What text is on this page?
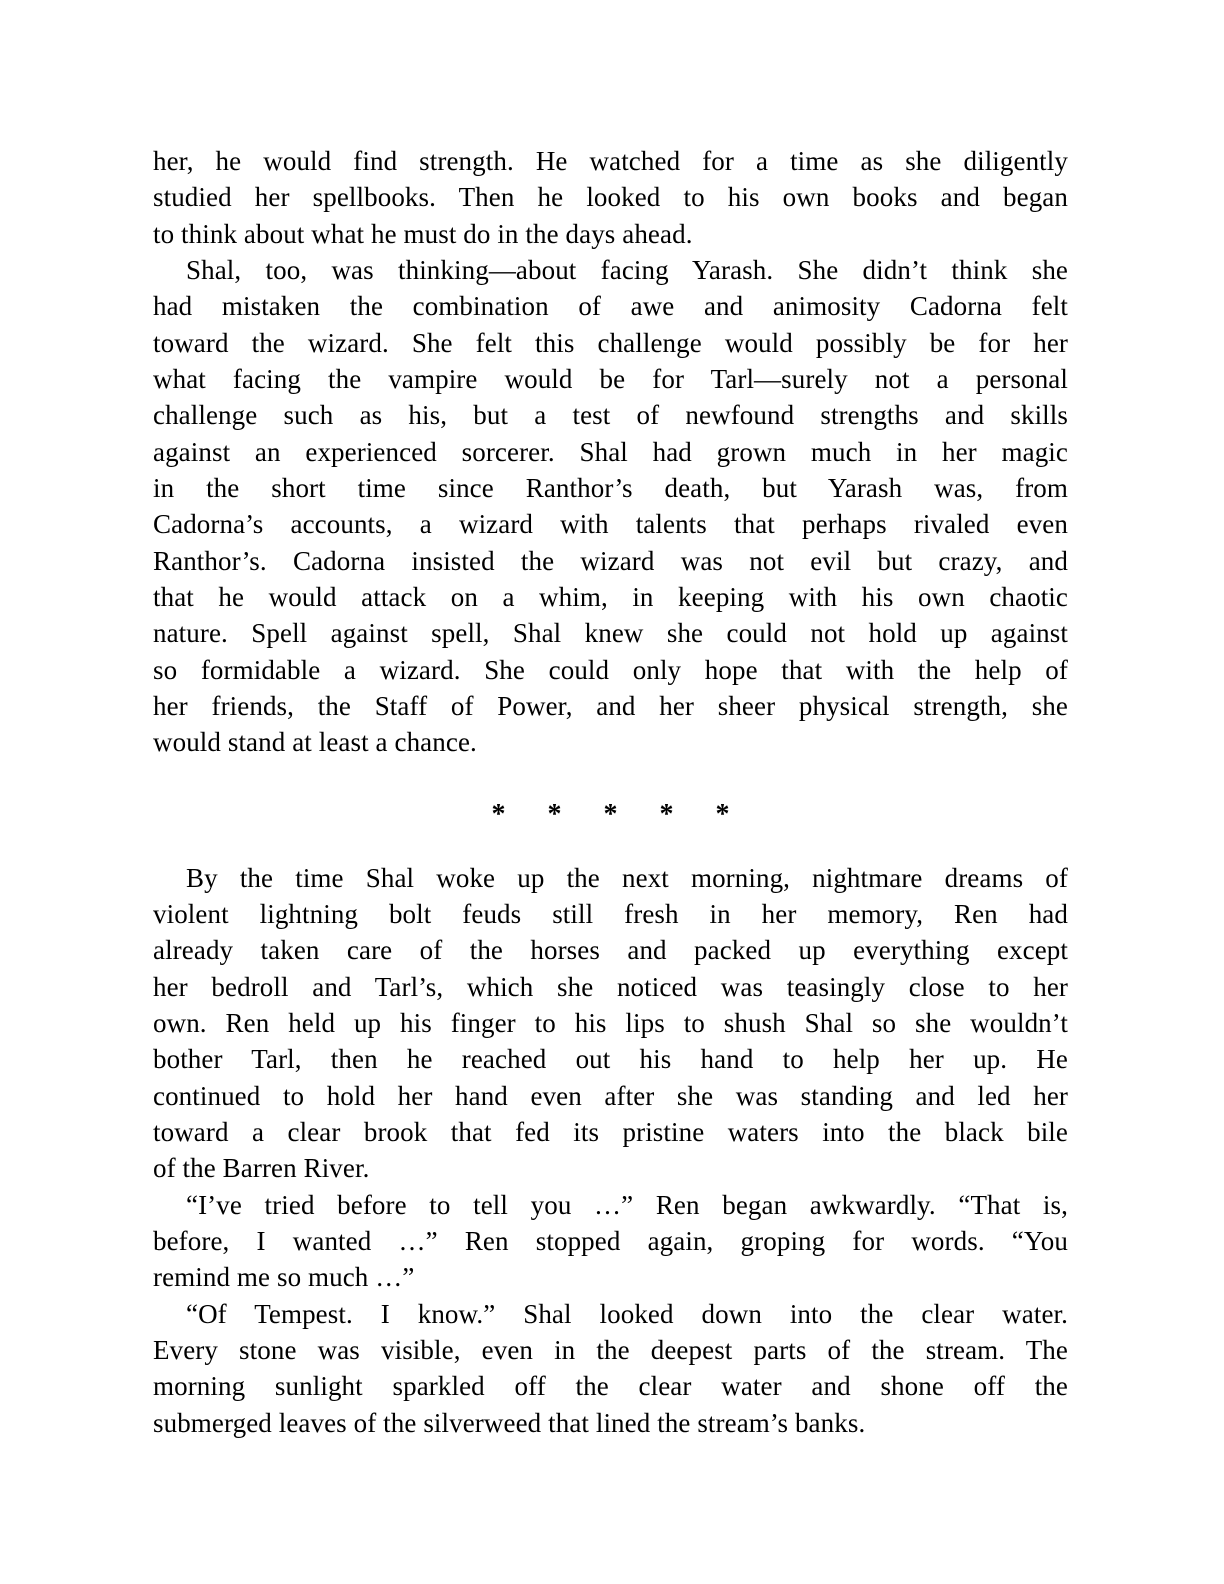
her, he would find strength. He watched for a time as she diligently
studied her spellbooks. Then he looked to his own books and began
to think about what he must do in the days ahead.
Shal, too, was thinking—about facing Yarash. She didn’t think she
had mistaken the combination of awe and animosity Cadorna felt
toward the wizard. She felt this challenge would possibly be for her
what facing the vampire would be for Tarl—surely not a personal
challenge such as his, but a test of newfound strengths and skills
against an experienced sorcerer. Shal had grown much in her magic
in the short time since Ranthor’s death, but Yarash was, from
Cadorna’s accounts, a wizard with talents that perhaps rivaled even
Ranthor’s. Cadorna insisted the wizard was not evil but crazy, and
that he would attack on a whim, in keeping with his own chaotic
nature. Spell against spell, Shal knew she could not hold up against
so formidable a wizard. She could only hope that with the help of
her friends, the Staff of Power, and her sheer physical strength, she
would stand at least a chance.
* * * * *
By the time Shal woke up the next morning, nightmare dreams of
violent lightning bolt feuds still fresh in her memory, Ren had
already taken care of the horses and packed up everything except
her bedroll and Tarl’s, which she noticed was teasingly close to her
own. Ren held up his finger to his lips to shush Shal so she wouldn’t
bother Tarl, then he reached out his hand to help her up. He
continued to hold her hand even after she was standing and led her
toward a clear brook that fed its pristine waters into the black bile
of the Barren River.
“I’ve tried before to tell you …” Ren began awkwardly. “That is,
before, I wanted …” Ren stopped again, groping for words. “You
remind me so much …”
“Of Tempest. I know.” Shal looked down into the clear water.
Every stone was visible, even in the deepest parts of the stream. The
morning sunlight sparkled off the clear water and shone off the
submerged leaves of the silverweed that lined the stream’s banks.
